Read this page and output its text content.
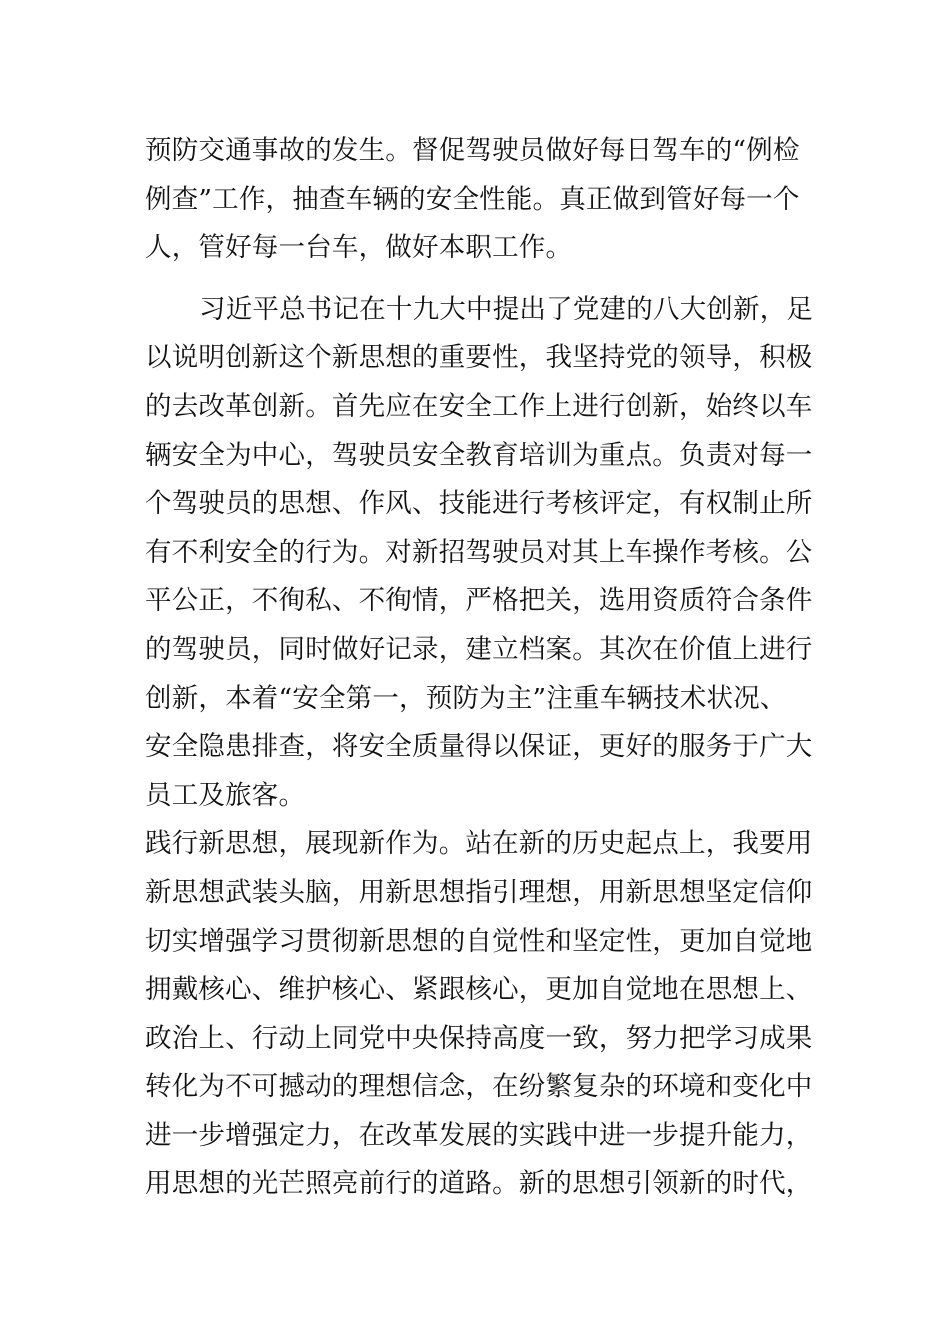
预防交通事故的发生。督促驾驶员做好每日驾车的“例检
例查”工作，抽查车辆的安全性能。真正做到管好每一个
人，管好每一台车，做好本职工作。
习近平总书记在十九大中提出了党建的八大创新，足
以说明创新这个新思想的重要性，我坚持党的领导，积极
的去改革创新。首先应在安全工作上进行创新，始终以车
辆安全为中心，驾驶员安全教育培训为重点。负责对每一
个驾驶员的思想、作风、技能进行考核评定，有权制止所
有不利安全的行为。对新招驾驶员对其上车操作考核。公
平公正，不徇私、不徇情，严格把关，选用资质符合条件
的驾驶员，同时做好记录，建立档案。其次在价值上进行
创新，本着“安全第一，预防为主”注重车辆技术状况、
安全隐患排查，将安全质量得以保证，更好的服务于广大
员工及旅客。
践行新思想，展现新作为。站在新的历史起点上，我要用
新思想武装头脑，用新思想指引理想，用新思想坚定信仰
切实增强学习贯彻新思想的自觉性和坚定性，更加自觉地
拥戴核心、维护核心、紧跟核心，更加自觉地在思想上、
政治上、行动上同党中央保持高度一致，努力把学习成果
转化为不可撼动的理想信念，在纷繁复杂的环境和变化中
进一步增强定力，在改革发展的实践中进一步提升能力，
用思想的光芒照亮前行的道路。新的思想引领新的时代，
